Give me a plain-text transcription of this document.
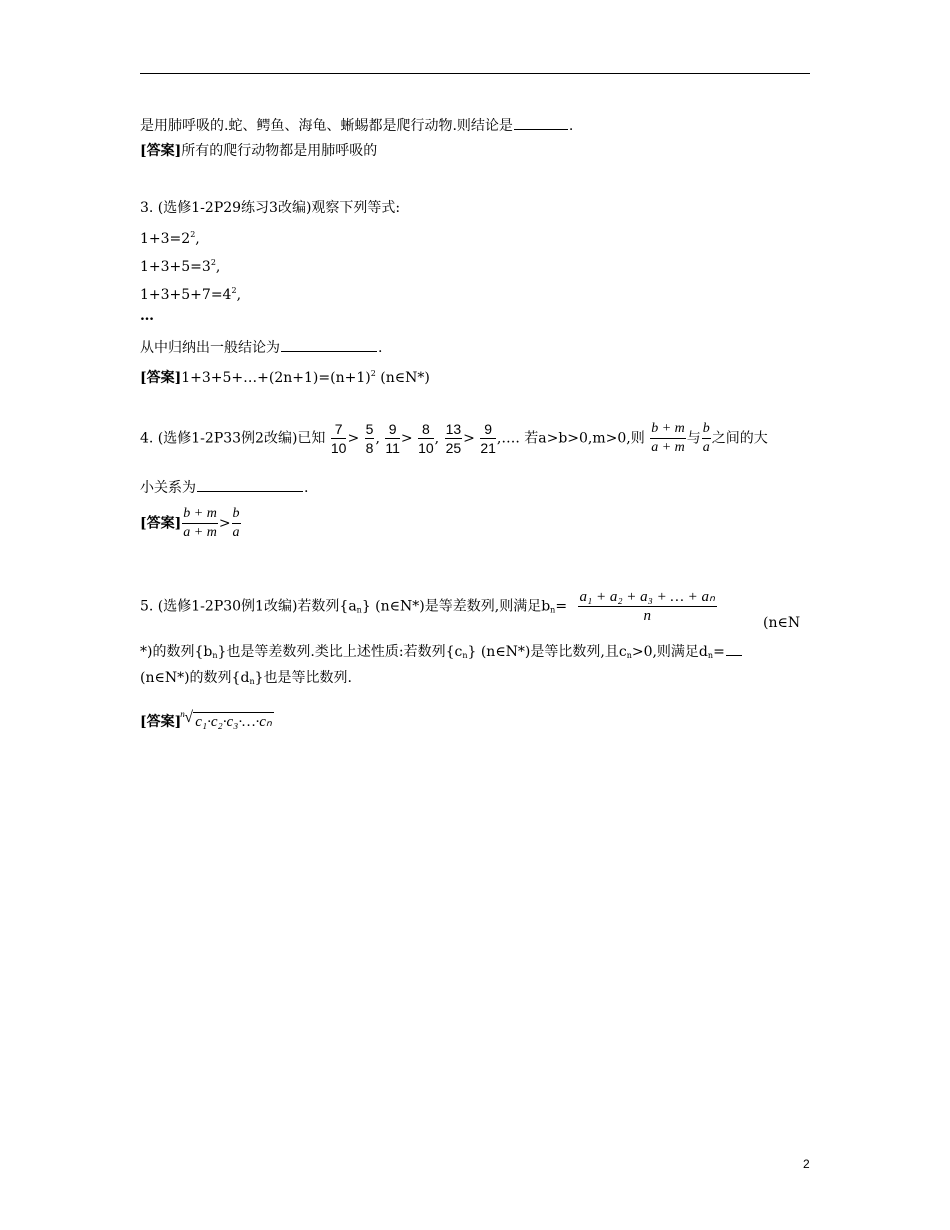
是用肺呼吸的.蛇、鳄鱼、海龟、蜥蜴都是爬行动物.则结论是	.
[答案]所有的爬行动物都是用肺呼吸的
3. (选修1-2P29练习3改编)观察下列等式:
$1+3=2^2$,
$1+3+5=3^2$,
$1+3+5+7=4^2$,
…
从中归纳出一般结论为	.
[答案]$1+3+5+\dots+(2n+1)=(n+1)^2$ (n∈N*)
4. (选修1-2P33例2改编)已知 $\frac{7}{10} > \frac{5}{8}$ , $\frac{9}{11} > \frac{8}{10}$ , $\frac{13}{25} > \frac{9}{21}$ ,…. 若a>b>0,m>0,则 $\frac{b + m}{a + m}$ 与 $\frac{b}{a}$ 之间的大
小关系为	.
[答案] $\frac{b + m}{a + m} > \frac{b}{a}$
5. (选修1-2P30例1改编)若数列$\{a_n\}$ (n∈N*)是等差数列,则满足$b_n= \frac{\text{a₁ + a₂ + a₃ + … + aₙ}}{n}$	(n∈N
*)的数列$\{b_n\}$也是等差数列.类比上述性质:若数列$\{c_n\}$ (n∈N*)是等比数列,且$c_n>0$,则满足$d_n=$
(n∈N*)的数列$\{d_n\}$也是等比数列.
[答案] n √ c₁·c₂·c₃·…·cₙ
2
